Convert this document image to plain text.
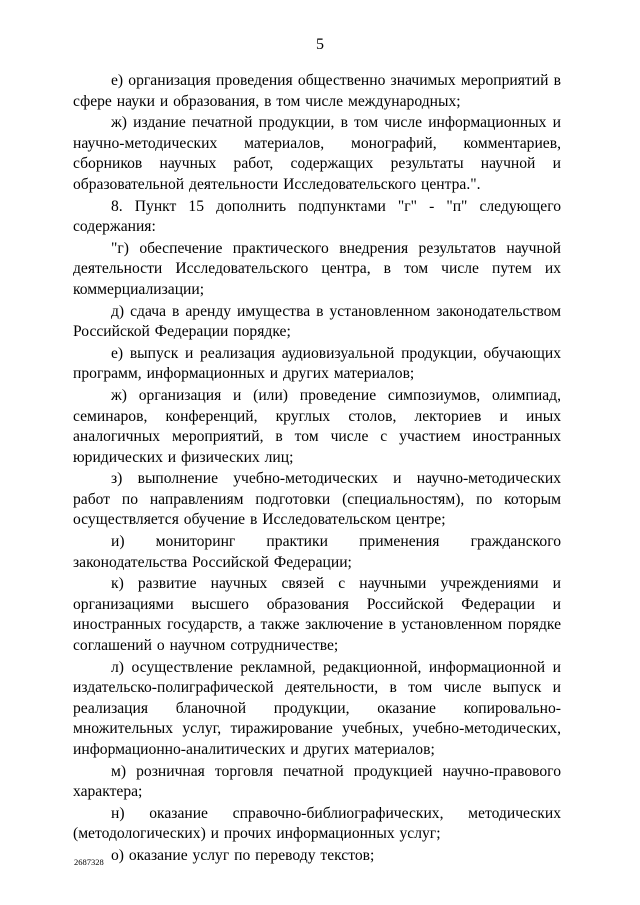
5

е) организация проведения общественно значимых мероприятий в сфере науки и образования, в том числе международных;

ж) издание печатной продукции, в том числе информационных и научно-методических материалов, монографий, комментариев, сборников научных работ, содержащих результаты научной и образовательной деятельности Исследовательского центра.".

8. Пункт 15 дополнить подпунктами "г" - "п" следующего содержания:

"г) обеспечение практического внедрения результатов научной деятельности Исследовательского центра, в том числе путем их коммерциализации;

д) сдача в аренду имущества в установленном законодательством Российской Федерации порядке;

е) выпуск и реализация аудиовизуальной продукции, обучающих программ, информационных и других материалов;

ж) организация и (или) проведение симпозиумов, олимпиад, семинаров, конференций, круглых столов, лекториев и иных аналогичных мероприятий, в том числе с участием иностранных юридических и физических лиц;

з) выполнение учебно-методических и научно-методических работ по направлениям подготовки (специальностям), по которым осуществляется обучение в Исследовательском центре;

и) мониторинг практики применения гражданского законодательства Российской Федерации;

к) развитие научных связей с научными учреждениями и организациями высшего образования Российской Федерации и иностранных государств, а также заключение в установленном порядке соглашений о научном сотрудничестве;

л) осуществление рекламной, редакционной, информационной и издательско-полиграфической деятельности, в том числе выпуск и реализация бланочной продукции, оказание копировально-множительных услуг, тиражирование учебных, учебно-методических, информационно-аналитических и других материалов;

м) розничная торговля печатной продукцией научно-правового характера;

н) оказание справочно-библиографических, методических (методологических) и прочих информационных услуг;

о) оказание услуг по переводу текстов;

2687328
